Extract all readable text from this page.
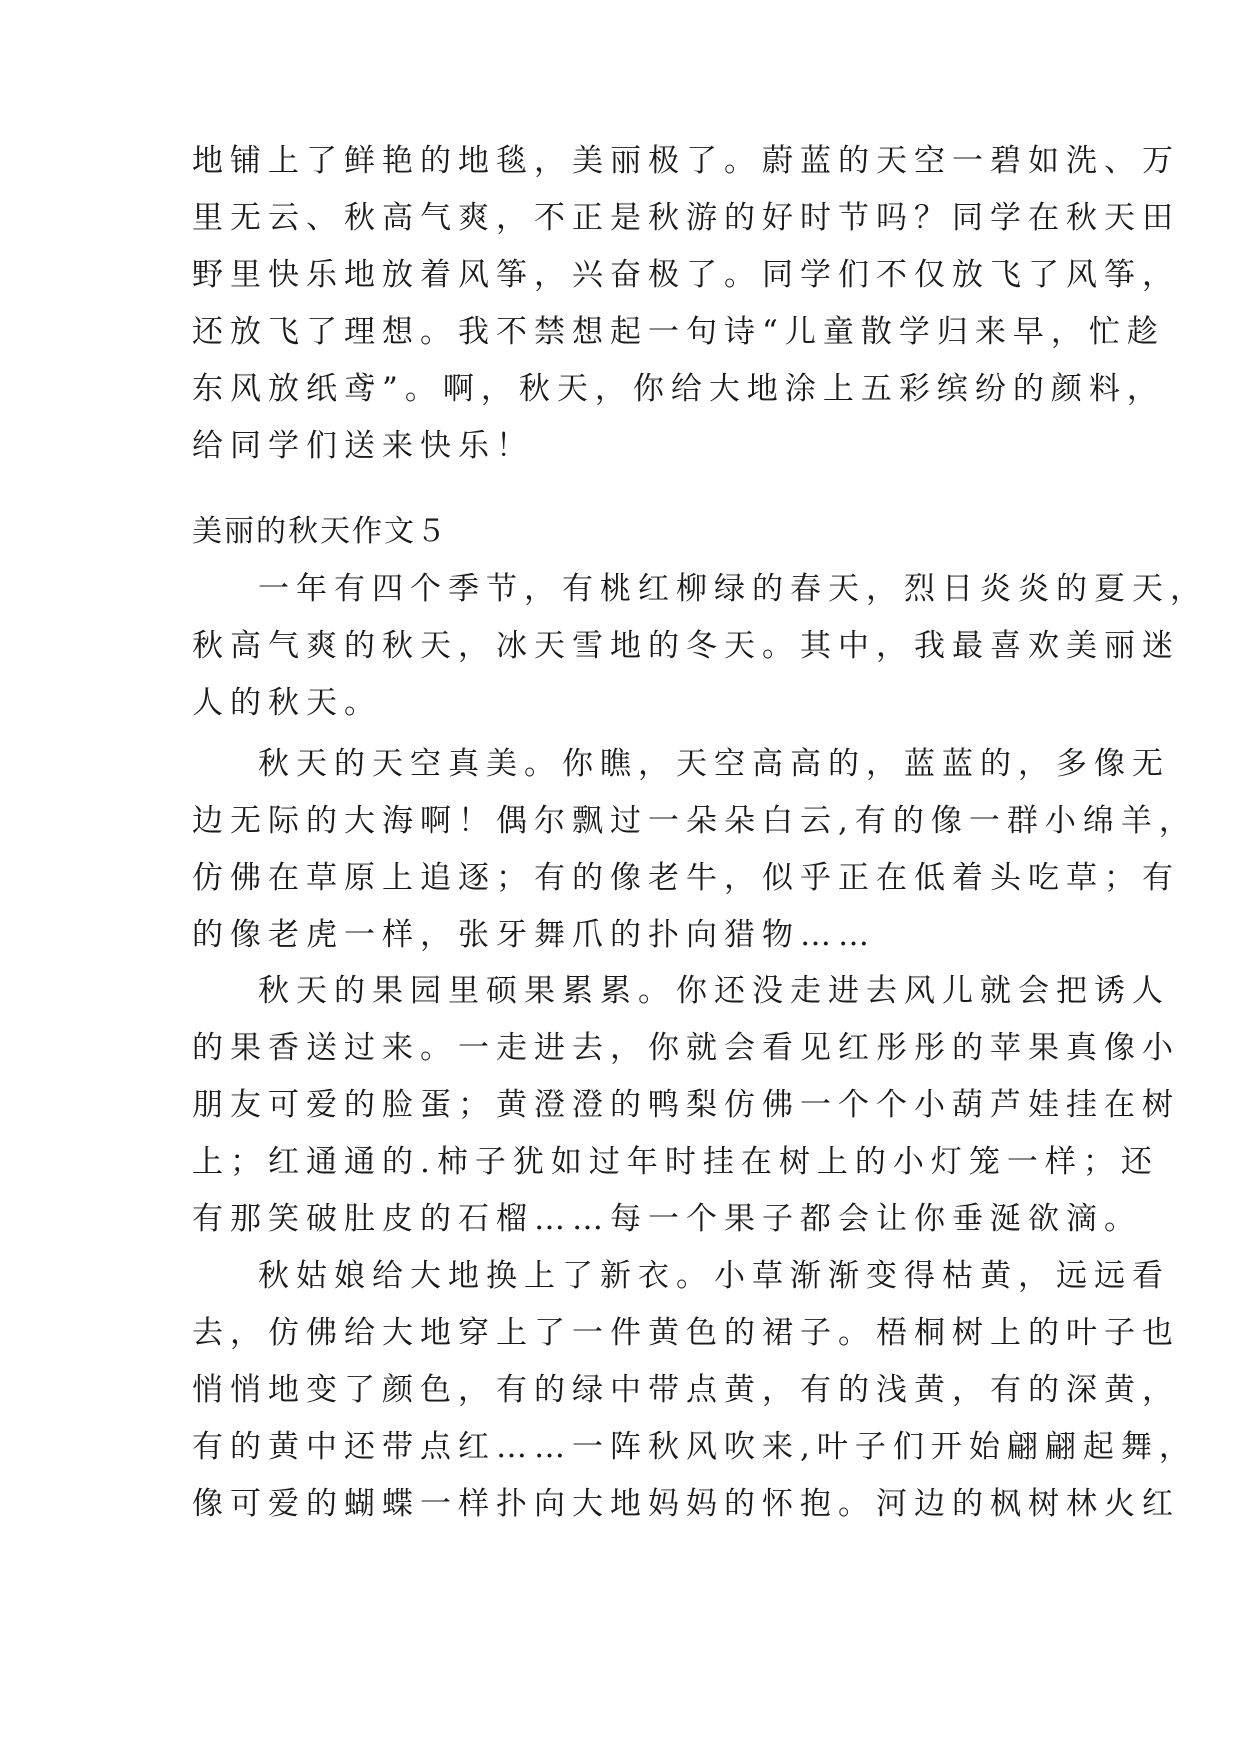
地铺上了鲜艳的地毯，美丽极了。蔚蓝的天空一碧如洗、万
里无云、秋高气爽，不正是秋游的好时节吗？同学在秋天田
野里快乐地放着风筝，兴奋极了。同学们不仅放飞了风筝，
还放飞了理想。我不禁想起一句诗“儿童散学归来早，忙趁
东风放纸鸢”。啊，秋天，你给大地涂上五彩缤纷的颜料，
给同学们送来快乐！
美丽的秋天作文５
一年有四个季节，有桃红柳绿的春天，烈日炎炎的夏天，
秋高气爽的秋天，冰天雪地的冬天。其中，我最喜欢美丽迷
人的秋天。
秋天的天空真美。你瞧，天空高高的，蓝蓝的，多像无
边无际的大海啊！偶尔飘过一朵朵白云,有的像一群小绵羊，
仿佛在草原上追逐；有的像老牛，似乎正在低着头吃草；有
的像老虎一样，张牙舞爪的扑向猎物……
秋天的果园里硕果累累。你还没走进去风儿就会把诱人
的果香送过来。一走进去，你就会看见红彤彤的苹果真像小
朋友可爱的脸蛋；黄澄澄的鸭梨仿佛一个个小葫芦娃挂在树
上；红通通的.柿子犹如过年时挂在树上的小灯笼一样；还
有那笑破肚皮的石榴……每一个果子都会让你垂涎欲滴。
秋姑娘给大地换上了新衣。小草渐渐变得枯黄，远远看
去，仿佛给大地穿上了一件黄色的裙子。梧桐树上的叶子也
悄悄地变了颜色，有的绿中带点黄，有的浅黄，有的深黄，
有的黄中还带点红……一阵秋风吹来,叶子们开始翩翩起舞，
像可爱的蝴蝶一样扑向大地妈妈的怀抱。河边的枫树林火红
